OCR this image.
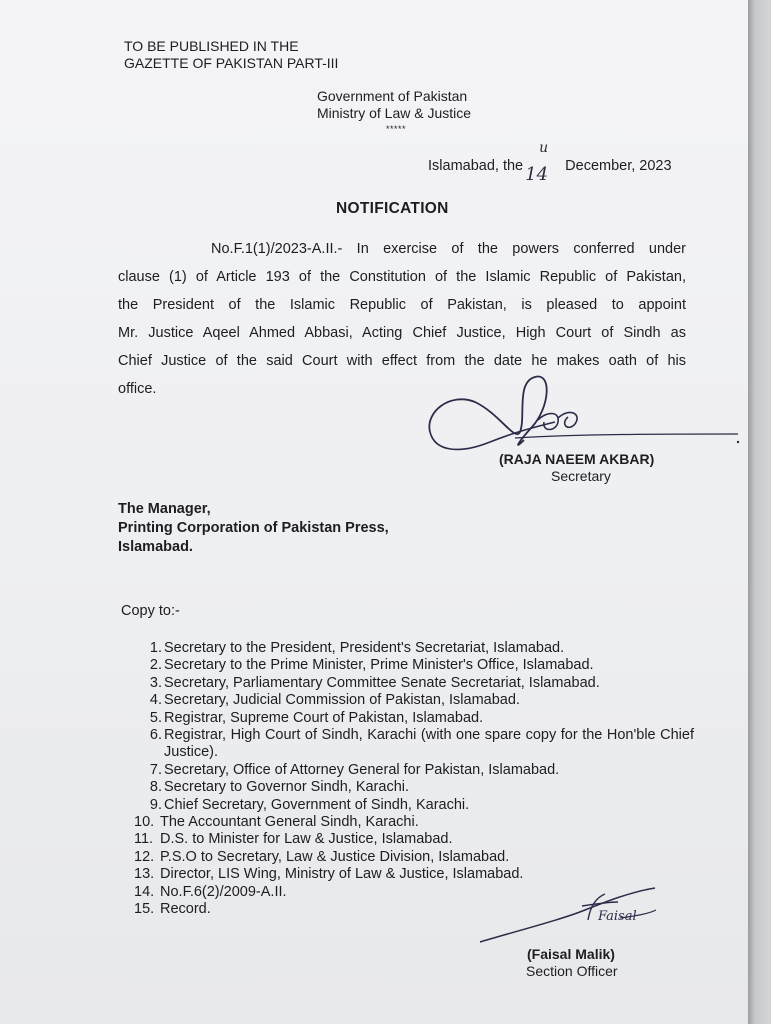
TO BE PUBLISHED IN THE
GAZETTE OF PAKISTAN PART-III
Government of Pakistan
Ministry of Law & Justice
*****
Islamabad, the 14
u
December, 2023
NOTIFICATION
No.F.1(1)/2023-A.II.- In exercise of the powers conferred under
clause (1) of Article 193 of the Constitution of the Islamic Republic of Pakistan,
the President of the Islamic Republic of Pakistan, is pleased to appoint
Mr. Justice Aqeel Ahmed Abbasi, Acting Chief Justice, High Court of Sindh as
Chief Justice of the said Court with effect from the date he makes oath of his
office.
(RAJA NAEEM AKBAR)
Secretary
The Manager,
Printing Corporation of Pakistan Press,
Islamabad.
Copy to:-
1. Secretary to the President, President's Secretariat, Islamabad.
2. Secretary to the Prime Minister, Prime Minister's Office, Islamabad.
3. Secretary, Parliamentary Committee Senate Secretariat, Islamabad.
4. Secretary, Judicial Commission of Pakistan, Islamabad.
5. Registrar, Supreme Court of Pakistan, Islamabad.
6. Registrar, High Court of Sindh, Karachi (with one spare copy for the Hon'ble Chief Justice).
7. Secretary, Office of Attorney General for Pakistan, Islamabad.
8. Secretary to Governor Sindh, Karachi.
9. Chief Secretary, Government of Sindh, Karachi.
10. The Accountant General Sindh, Karachi.
11. D.S. to Minister for Law & Justice, Islamabad.
12. P.S.O to Secretary, Law & Justice Division, Islamabad.
13. Director, LIS Wing, Ministry of Law & Justice, Islamabad.
14. No.F.6(2)/2009-A.II.
15. Record.	Faisal
(Faisal Malik)
Section Officer
